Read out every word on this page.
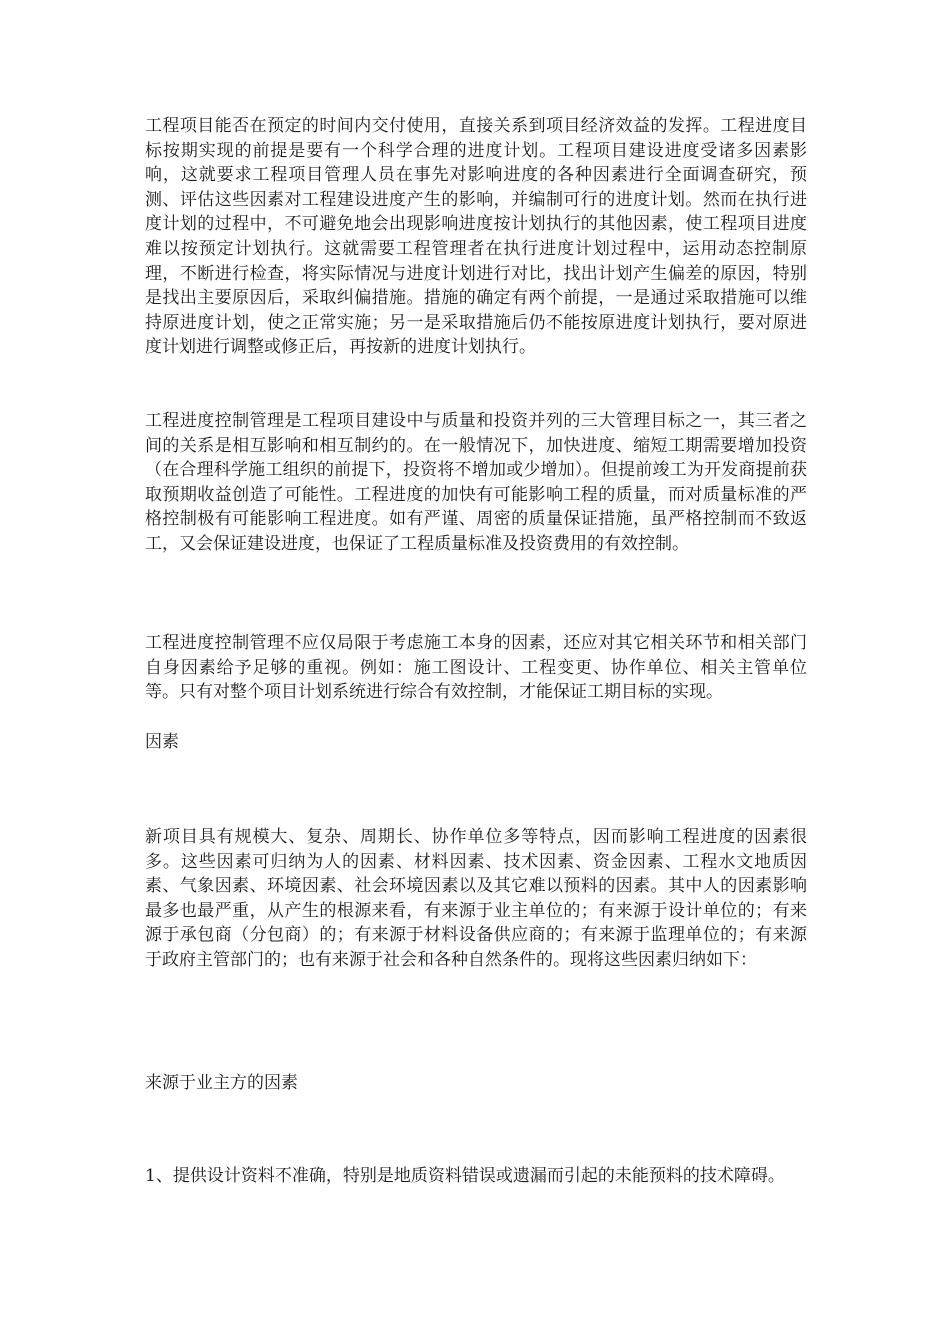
工程项目能否在预定的时间内交付使用，直接关系到项目经济效益的发挥。工程进度目标按期实现的前提是要有一个科学合理的进度计划。工程项目建设进度受诸多因素影响，这就要求工程项目管理人员在事先对影响进度的各种因素进行全面调查研究，预测、评估这些因素对工程建设进度产生的影响，并编制可行的进度计划。然而在执行进度计划的过程中，不可避免地会出现影响进度按计划执行的其他因素，使工程项目进度难以按预定计划执行。这就需要工程管理者在执行进度计划过程中，运用动态控制原理，不断进行检查，将实际情况与进度计划进行对比，找出计划产生偏差的原因，特别是找出主要原因后，采取纠偏措施。措施的确定有两个前提，一是通过采取措施可以维持原进度计划，使之正常实施；另一是采取措施后仍不能按原进度计划执行，要对原进度计划进行调整或修正后，再按新的进度计划执行。

工程进度控制管理是工程项目建设中与质量和投资并列的三大管理目标之一，其三者之间的关系是相互影响和相互制约的。在一般情况下，加快进度、缩短工期需要增加投资（在合理科学施工组织的前提下，投资将不增加或少增加）。但提前竣工为开发商提前获取预期收益创造了可能性。工程进度的加快有可能影响工程的质量，而对质量标准的严格控制极有可能影响工程进度。如有严谨、周密的质量保证措施，虽严格控制而不致返工，又会保证建设进度，也保证了工程质量标准及投资费用的有效控制。

工程进度控制管理不应仅局限于考虑施工本身的因素，还应对其它相关环节和相关部门自身因素给予足够的重视。例如：施工图设计、工程变更、协作单位、相关主管单位等。只有对整个项目计划系统进行综合有效控制，才能保证工期目标的实现。

因素

新项目具有规模大、复杂、周期长、协作单位多等特点，因而影响工程进度的因素很多。这些因素可归纳为人的因素、材料因素、技术因素、资金因素、工程水文地质因素、气象因素、环境因素、社会环境因素以及其它难以预料的因素。其中人的因素影响最多也最严重，从产生的根源来看，有来源于业主单位的；有来源于设计单位的；有来源于承包商（分包商）的；有来源于材料设备供应商的；有来源于监理单位的；有来源于政府主管部门的；也有来源于社会和各种自然条件的。现将这些因素归纳如下：

来源于业主方的因素

1、提供设计资料不准确，特别是地质资料错误或遗漏而引起的未能预料的技术障碍。
